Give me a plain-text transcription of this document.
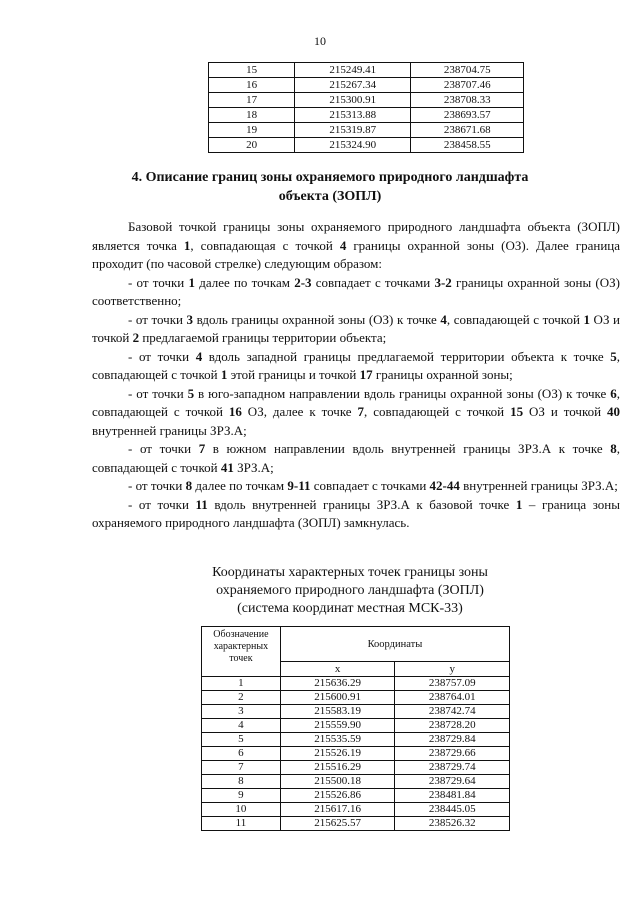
10
15	215249.41	238704.75
16	215267.34	238707.46
17	215300.91	238708.33
18	215313.88	238693.57
19	215319.87	238671.68
20	215324.90	238458.55
4. Описание границ зоны охраняемого природного ландшафта
объекта (ЗОПЛ)

Базовой точкой границы зоны охраняемого природного ландшафта объекта (ЗОПЛ) является точка 1, совпадающая с точкой 4 границы охранной зоны (ОЗ). Далее граница проходит (по часовой стрелке) следующим образом:

- от точки 1 далее по точкам 2-3 совпадает с точками 3-2 границы охранной зоны (ОЗ) соответственно;

- от точки 3 вдоль границы охранной зоны (ОЗ) к точке 4, совпадающей с точкой 1 ОЗ и точкой 2 предлагаемой границы территории объекта;

- от точки 4 вдоль западной границы предлагаемой территории объекта к точке 5, совпадающей с точкой 1 этой границы и точкой 17 границы охранной зоны;

- от точки 5 в юго-западном направлении вдоль границы охранной зоны (ОЗ) к точке 6, совпадающей с точкой 16 ОЗ, далее к точке 7, совпадающей с точкой 15 ОЗ и точкой 40 внутренней границы ЗРЗ.А;

- от точки 7 в южном направлении вдоль внутренней границы ЗРЗ.А к точке 8, совпадающей с точкой 41 ЗРЗ.А;

- от точки 8 далее по точкам 9-11 совпадает с точками 42-44 внутренней границы ЗРЗ.А;

- от точки 11 вдоль внутренней границы ЗРЗ.А к базовой точке 1 – граница зоны охраняемого природного ландшафта (ЗОПЛ) замкнулась.

Координаты характерных точек границы зоны
охраняемого природного ландшафта (ЗОПЛ)
(система координат местная МСК-33)
Обозначение характерных точек	Координаты	
	x	y
1	215636.29	238757.09
2	215600.91	238764.01
3	215583.19	238742.74
4	215559.90	238728.20
5	215535.59	238729.84
6	215526.19	238729.66
7	215516.29	238729.74
8	215500.18	238729.64
9	215526.86	238481.84
10	215617.16	238445.05
11	215625.57	238526.32
